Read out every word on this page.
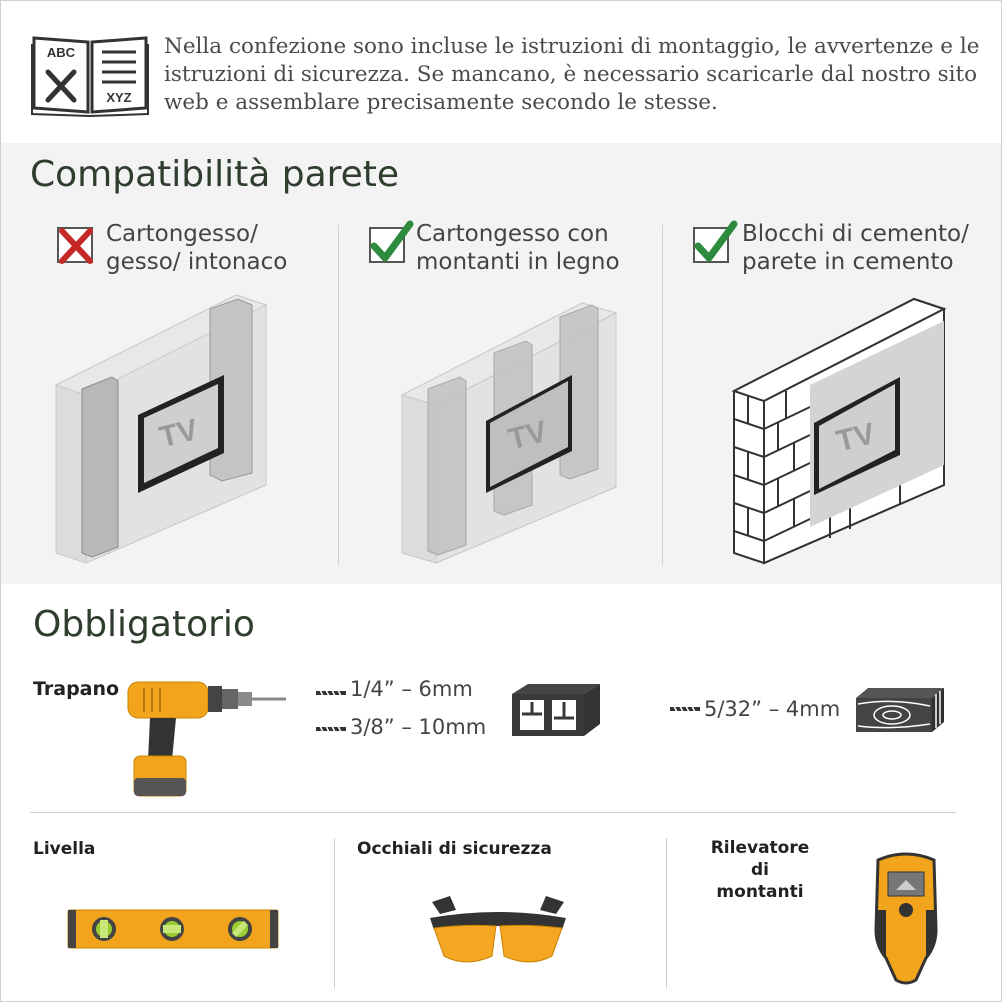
ABC
XYZ
Nella confezione sono incluse le istruzioni di montaggio, le avvertenze e le istruzioni di sicurezza. Se mancano, è necessario scaricarle dal nostro sito web e assemblare precisamente secondo le stesse.
Compatibilità parete
Cartongesso/
gesso/ intonaco
Cartongesso con
montanti in legno
Blocchi di cemento/
parete in cemento
TV	TV	TV
Obbligatorio
Trapano	1/4” – 6mm
3/8” – 10mm
5/32” – 4mm
Livella	Occhiali di sicurezza	Rilevatore di
montanti
